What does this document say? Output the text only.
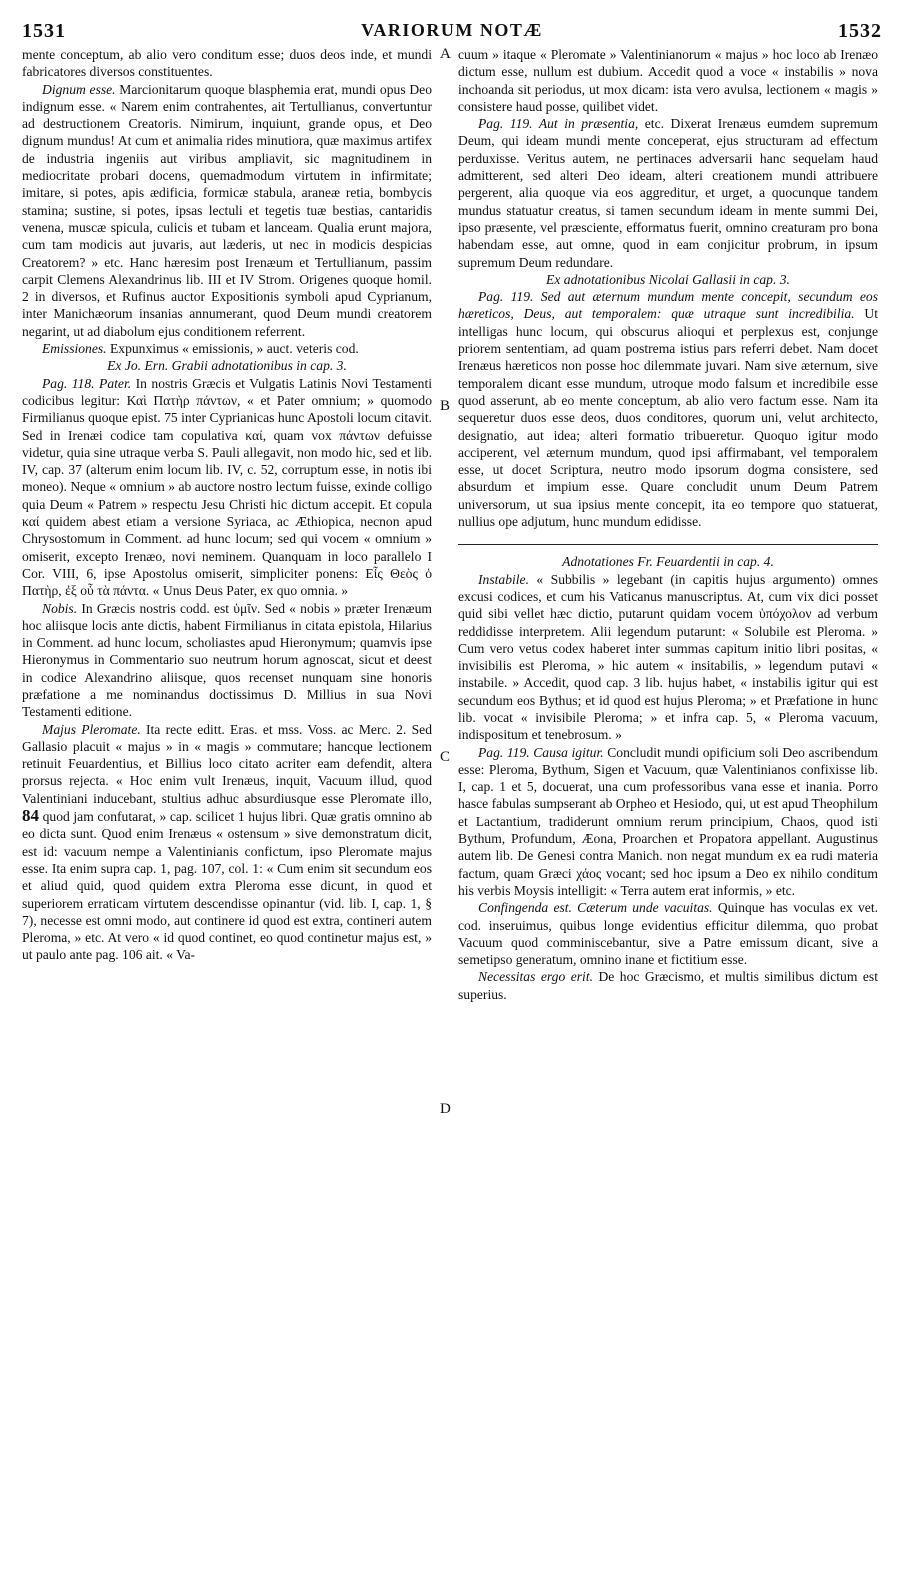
1531	VARIORUM NOTÆ	1532
A
B
C
D

mente conceptum, ab alio vero conditum esse; duos deos inde, et mundi fabricatores diversos constituentes.

Dignum esse. Marcionitarum quoque blasphemia erat, mundi opus Deo indignum esse. « Narem enim contrahentes, ait Tertullianus, convertuntur ad destructionem Creatoris. Nimirum, inquiunt, grande opus, et Deo dignum mundus! At cum et animalia rides minutiora, quæ maximus artifex de industria ingeniis aut viribus ampliavit, sic magnitudinem in mediocritate probari docens, quemadmodum virtutem in infirmitate; imitare, si potes, apis ædificia, formicæ stabula, araneæ retia, bombycis stamina; sustine, si potes, ipsas lectuli et tegetis tuæ bestias, cantaridis venena, muscæ spicula, culicis et tubam et lanceam. Qualia erunt majora, cum tam modicis aut juvaris, aut læderis, ut nec in modicis despicias Creatorem? » etc. Hanc hæresim post Irenæum et Tertullianum, passim carpit Clemens Alexandrinus lib. III et IV Strom. Origenes quoque homil. 2 in diversos, et Rufinus auctor Expositionis symboli apud Cyprianum, inter Manichæorum insanias annumerant, quod Deum mundi creatorem negarint, ut ad diabolum ejus conditionem referrent.

Emissiones. Expunximus « emissionis, » auct. veteris cod.

Ex Jo. Ern. Grabii adnotationibus in cap. 3.

Pag. 118. Pater. In nostris Græcis et Vulgatis Latinis Novi Testamenti codicibus legitur: Καὶ Πατὴρ πάντων, « et Pater omnium; » quomodo Firmilianus quoque epist. 75 inter Cyprianicas hunc Apostoli locum citavit. Sed in Irenæi codice tam copulativa καί, quam vox πάντων defuisse videtur, quia sine utraque verba S. Pauli allegavit, non modo hic, sed et lib. IV, cap. 37 (alterum enim locum lib. IV, c. 52, corruptum esse, in notis ibi moneo). Neque « omnium » ab auctore nostro lectum fuisse, exinde colligo quia Deum « Patrem » respectu Jesu Christi hic dictum accepit. Et copula καί quidem abest etiam a versione Syriaca, ac Æthiopica, necnon apud Chrysostomum in Comment. ad hunc locum; sed qui vocem « omnium » omiserit, excepto Irenæo, novi neminem. Quanquam in loco parallelo I Cor. VIII, 6, ipse Apostolus omiserit, simpliciter ponens: Εἷς Θεὸς ὁ Πατὴρ, ἐξ οὗ τὰ πάντα. « Unus Deus Pater, ex quo omnia. »

Nobis. In Græcis nostris codd. est ὑμῖν. Sed « nobis » præter Irenæum hoc aliisque locis ante dictis, habent Firmilianus in citata epistola, Hilarius in Comment. ad hunc locum, scholiastes apud Hieronymum; quamvis ipse Hieronymus in Commentario suo neutrum horum agnoscat, sicut et deest in codice Alexandrino aliisque, quos recenset nunquam sine honoris præfatione a me nominandus doctissimus D. Millius in sua Novi Testamenti editione.

Majus Pleromate. Ita recte editt. Eras. et mss. Voss. ac Merc. 2. Sed Gallasio placuit « majus » in « magis » commutare; hancque lectionem retinuit Feuardentius, et Billius loco citato acriter eam defendit, altera prorsus rejecta. « Hoc enim vult Irenæus, inquit, Vacuum illud, quod Valentiniani inducebant, stultius adhuc absurdiusque esse Pleromate illo, 84 quod jam confutarat, » cap. scilicet 1 hujus libri. Quæ gratis omnino ab eo dicta sunt. Quod enim Irenæus « ostensum » sive demonstratum dicit, est id: vacuum nempe a Valentinianis confictum, ipso Pleromate majus esse. Ita enim supra cap. 1, pag. 107, col. 1: « Cum enim sit secundum eos et aliud quid, quod quidem extra Pleroma esse dicunt, in quod et superiorem erraticam virtutem descendisse opinantur (vid. lib. I, cap. 1, § 7), necesse est omni modo, aut continere id quod est extra, contineri autem Pleroma, » etc. At vero « id quod continet, eo quod continetur majus est, » ut paulo ante pag. 106 ait. « Va-

cuum » itaque « Pleromate » Valentinianorum « majus » hoc loco ab Irenæo dictum esse, nullum est dubium. Accedit quod a voce « instabilis » nova inchoanda sit periodus, ut mox dicam: ista vero avulsa, lectionem « magis » consistere haud posse, quilibet videt.

Pag. 119. Aut in præsentia, etc. Dixerat Irenæus eumdem supremum Deum, qui ideam mundi mente conceperat, ejus structuram ad effectum perduxisse. Veritus autem, ne pertinaces adversarii hanc sequelam haud admitterent, sed alteri Deo ideam, alteri creationem mundi attribuere pergerent, alia quoque via eos aggreditur, et urget, a quocunque tandem mundus statuatur creatus, si tamen secundum ideam in mente summi Dei, ipso præsente, vel præsciente, efformatus fuerit, omnino creaturam pro bona habendam esse, aut omne, quod in eam conjicitur probrum, in ipsum supremum Deum redundare.

Ex adnotationibus Nicolai Gallasii in cap. 3.

Pag. 119. Sed aut æternum mundum mente concepit, secundum eos hæreticos, Deus, aut temporalem: quæ utraque sunt incredibilia. Ut intelligas hunc locum, qui obscurus alioqui et perplexus est, conjunge priorem sententiam, ad quam postrema istius pars referri debet. Nam docet Irenæus hæreticos non posse hoc dilemmate juvari. Nam sive æternum, sive temporalem dicant esse mundum, utroque modo falsum et incredibile esse quod asserunt, ab eo mente conceptum, ab alio vero factum esse. Nam ita sequeretur duos esse deos, duos conditores, quorum uni, velut architecto, designatio, aut idea; alteri formatio tribueretur. Quoquo igitur modo acciperent, vel æternum mundum, quod ipsi affirmabant, vel temporalem esse, ut docet Scriptura, neutro modo ipsorum dogma consistere, sed absurdum et impium esse. Quare concludit unum Deum Patrem universorum, ut sua ipsius mente concepit, ita eo tempore quo statuerat, nullius ope adjutum, hunc mundum edidisse.

Adnotationes Fr. Feuardentii in cap. 4.

Instabile. « Subbilis » legebant (in capitis hujus argumento) omnes excusi codices, et cum his Vaticanus manuscriptus. At, cum vix dici posset quid sibi vellet hæc dictio, putarunt quidam vocem ὑπόχολον ad verbum reddidisse interpretem. Alii legendum putarunt: « Solubile est Pleroma. » Cum vero vetus codex haberet inter summas capitum initio libri positas, « invisibilis est Pleroma, » hic autem « insitabilis, » legendum putavi « instabile. » Accedit, quod cap. 3 lib. hujus habet, « instabilis igitur qui est secundum eos Bythus; et id quod est hujus Pleroma; » et Præfatione in hunc lib. vocat « invisibile Pleroma; » et infra cap. 5, « Pleroma vacuum, indispositum et tenebrosum. »

Pag. 119. Causa igitur. Concludit mundi opificium soli Deo ascribendum esse: Pleroma, Bythum, Sigen et Vacuum, quæ Valentinianos confixisse lib. I, cap. 1 et 5, docuerat, una cum professoribus vana esse et inania. Porro hasce fabulas sumpserant ab Orpheo et Hesiodo, qui, ut est apud Theophilum et Lactantium, tradiderunt omnium rerum principium, Chaos, quod isti Bythum, Profundum, Æona, Proarchen et Propatora appellant. Augustinus autem lib. De Genesi contra Manich. non negat mundum ex ea rudi materia factum, quam Græci χάος vocant; sed hoc ipsum a Deo ex nihilo conditum his verbis Moysis intelligit: « Terra autem erat informis, » etc.

Confingenda est. Cæterum unde vacuitas. Quinque has voculas ex vet. cod. inseruimus, quibus longe evidentius efficitur dilemma, quo probat Vacuum quod comminiscebantur, sive a Patre emissum dicant, sive a semetipso generatum, omnino inane et fictitium esse.

Necessitas ergo erit. De hoc Græcismo, et multis similibus dictum est superius.
